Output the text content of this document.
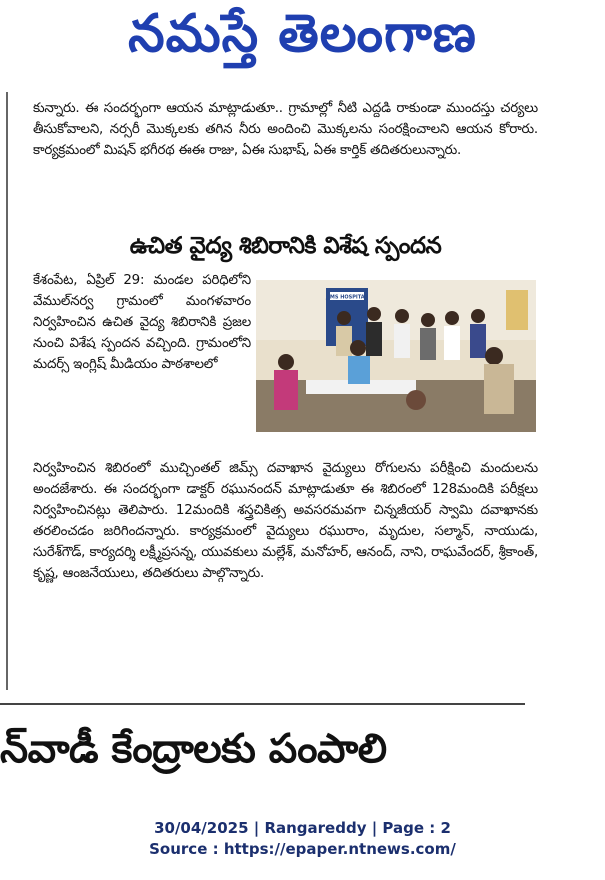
నమస్తే తెలంగాణ

కున్నారు. ఈ సందర్భంగా ఆయన మాట్లాడుతూ.. గ్రామాల్లో నీటి ఎద్దడి రాకుండా ముందస్తు చర్యలు తీసుకోవాలని, నర్సరీ మొక్కలకు తగిన నీరు అందించి మొక్కలను సంరక్షించాలని ఆయన కోరారు. కార్యక్రమంలో మిషన్ భగీరథ ఈఈ రాజు, ఏఈ సుభాష్, ఏఈ కార్తిక్ తదితరులున్నారు.

ఉచిత వైద్య శిబిరానికి విశేష స్పందన

కేశంపేట, ఏప్రిల్ 29: మండల పరిధిలోని వేముల్‌నర్వ గ్రామంలో మంగళవారం నిర్వహించిన ఉచిత వైద్య శిబిరానికి ప్రజల నుంచి విశేష స్పందన వచ్చింది. గ్రామంలోని మదర్స్ ఇంగ్లిష్ మీడియం పాఠశాలలో

JIMS HOSPITAL

నిర్వహించిన శిబిరంలో ముచ్చింతల్ జిమ్స్ దవాఖాన వైద్యులు రోగులను పరీక్షించి మందులను అందజేశారు. ఈ సందర్భంగా డాక్టర్ రఘునందన్ మాట్లాడుతూ ఈ శిబిరంలో 128మందికి పరీక్షలు నిర్వహించినట్లు తెలిపారు. 12మందికి శస్త్రచికిత్స అవసరమవగా చిన్నజీయర్ స్వామి దవాఖానకు తరలించడం జరిగిందన్నారు. కార్యక్రమంలో వైద్యులు రఘురాం, మృదుల, సల్మాన్, నాయుడు, సురేశ్‌గౌడ్, కార్యదర్శి లక్ష్మీప్రసన్న, యువకులు మల్లేశ్, మనోహర్, ఆనంద్, నాని, రాఘవేందర్, శ్రీకాంత్, కృష్ణ, ఆంజనేయులు, తదితరులు పాల్గొన్నారు.

న్‌వాడీ కేంద్రాలకు పంపాలి
30/04/2025 | Rangareddy | Page : 2
Source : https://epaper.ntnews.com/
